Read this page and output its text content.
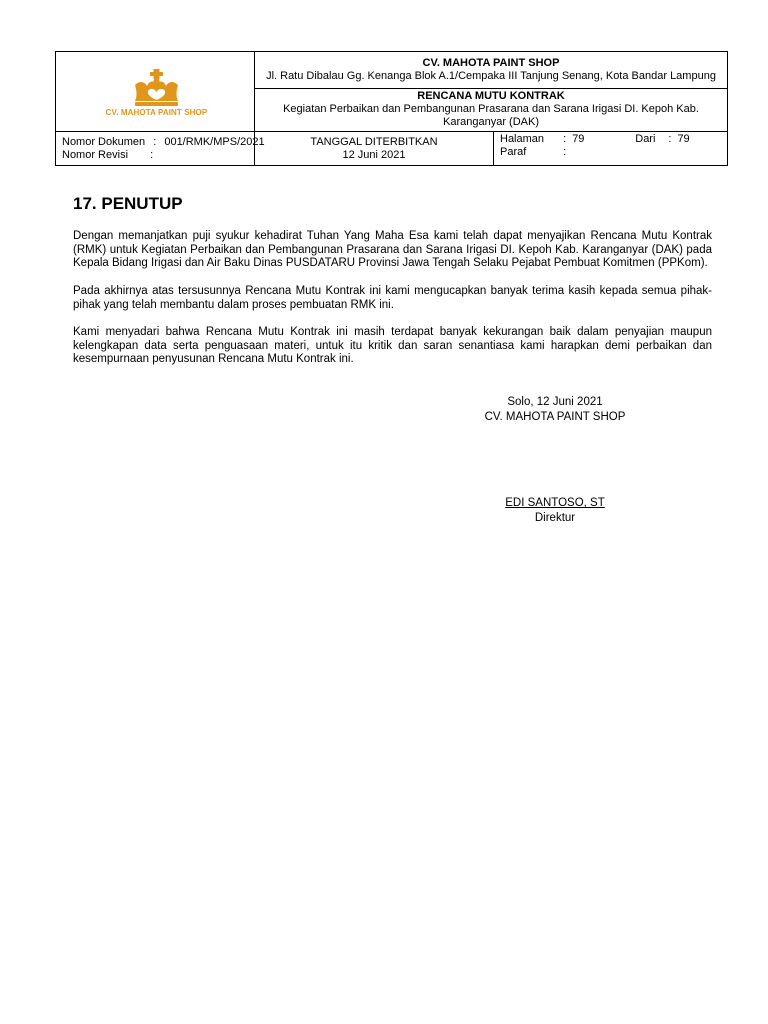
CV. MAHOTA PAINT SHOP
CV. MAHOTA PAINT SHOP
Jl. Ratu Dibalau Gg. Kenanga Blok A.1/Cempaka III Tanjung Senang, Kota Bandar Lampung
RENCANA MUTU KONTRAK
Kegiatan Perbaikan dan Pembangunan Prasarana dan Sarana Irigasi DI. Kepoh Kab. Karanganyar (DAK)
Nomor Dokumen : 001/RMK/MPS/2021
Nomor Revisi :
TANGGAL DITERBITKAN
12 Juni 2021
Halaman : 79	Dari : 79
Paraf	:
17. PENUTUP

Dengan memanjatkan puji syukur kehadirat Tuhan Yang Maha Esa kami telah dapat menyajikan Rencana Mutu Kontrak (RMK) untuk Kegiatan Perbaikan dan Pembangunan Prasarana dan Sarana Irigasi DI. Kepoh Kab. Karanganyar (DAK) pada Kepala Bidang Irigasi dan Air Baku Dinas PUSDATARU Provinsi Jawa Tengah Selaku Pejabat Pembuat Komitmen (PPKom).

Pada akhirnya atas tersusunnya Rencana Mutu Kontrak ini kami mengucapkan banyak terima kasih kepada semua pihak-pihak yang telah membantu dalam proses pembuatan RMK ini.

Kami menyadari bahwa Rencana Mutu Kontrak ini masih terdapat banyak kekurangan baik dalam penyajian maupun kelengkapan data serta penguasaan materi, untuk itu kritik dan saran senantiasa kami harapkan demi perbaikan dan kesempurnaan penyusunan Rencana Mutu Kontrak ini.

Solo, 12 Juni 2021
CV. MAHOTA PAINT SHOP
EDI SANTOSO, ST
Direktur
